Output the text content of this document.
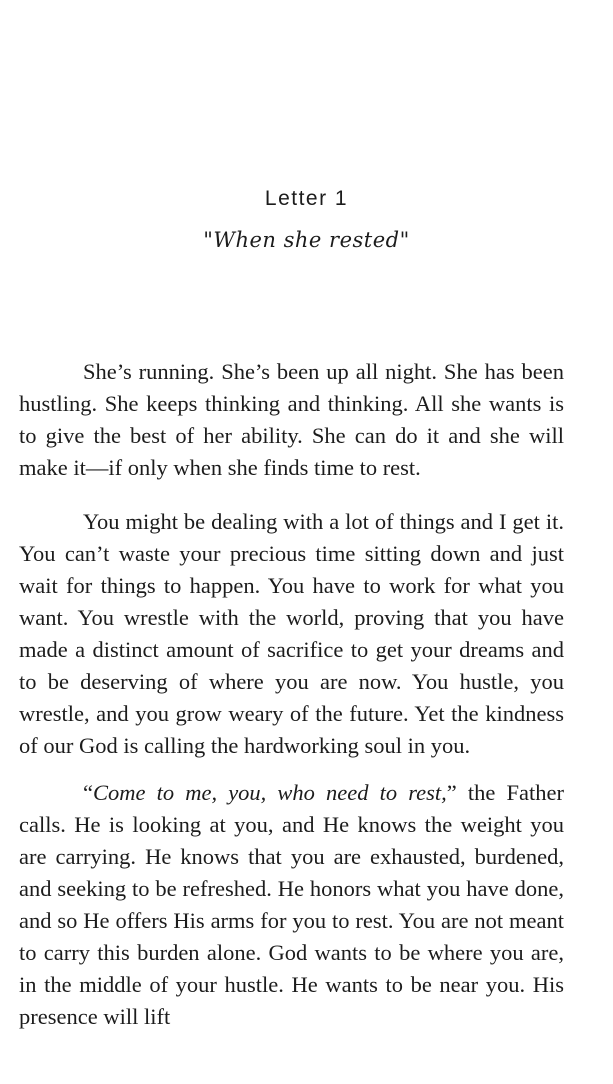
Letter 1
"When she rested"

She’s running. She’s been up all night. She has been hustling. She keeps thinking and thinking. All she wants is to give the best of her ability. She can do it and she will make it—if only when she finds time to rest.

You might be dealing with a lot of things and I get it. You can’t waste your precious time sitting down and just wait for things to happen. You have to work for what you want. You wrestle with the world, proving that you have made a distinct amount of sacrifice to get your dreams and to be deserving of where you are now. You hustle, you wrestle, and you grow weary of the future. Yet the kindness of our God is calling the hardworking soul in you.

“Come to me, you, who need to rest,” the Father calls. He is looking at you, and He knows the weight you are carrying. He knows that you are exhausted, burdened, and seeking to be refreshed. He honors what you have done, and so He offers His arms for you to rest. You are not meant to carry this burden alone. God wants to be where you are, in the middle of your hustle. He wants to be near you. His presence will lift
